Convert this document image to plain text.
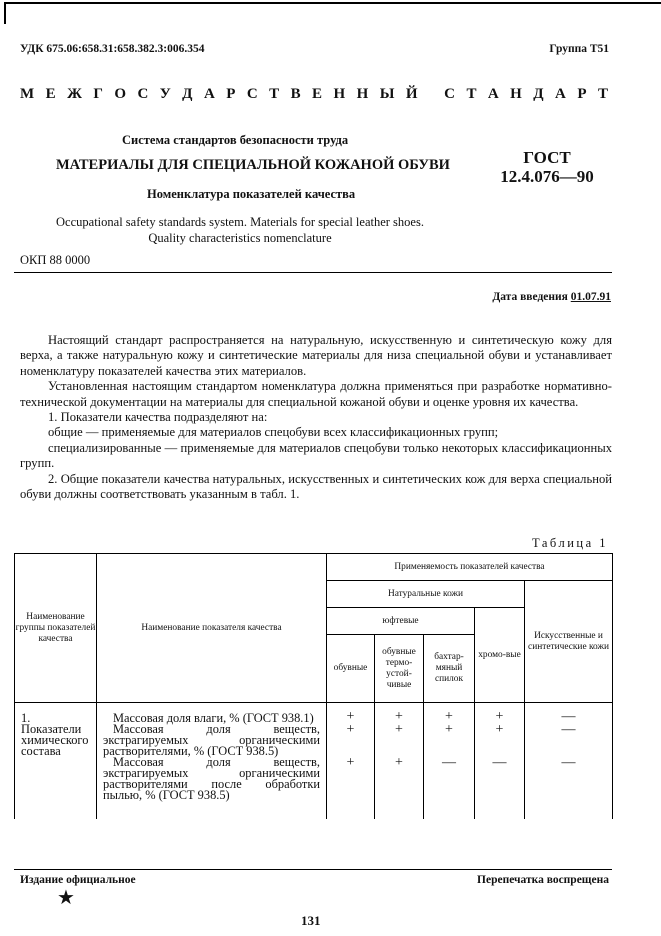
УДК 675.06:658.31:658.382.3:006.354	Группа Т51
М Е Ж Г О С У Д А Р С Т В Е Н Н Ы Й
С Т А Н Д А Р Т
Система стандартов безопасности труда
МАТЕРИАЛЫ ДЛЯ СПЕЦИАЛЬНОЙ КОЖАНОЙ ОБУВИ	ГОСТ
12.4.076—90
Номенклатура показателей качества
Occupational safety standards system. Materials for special leather shoes.
Quality characteristics nomenclature
ОКП 88 0000
Дата введения 01.07.91

Настоящий стандарт распространяется на натуральную, искусственную и синтетическую кожу для верха, а также натуральную кожу и синтетические материалы для низа специальной обуви и устанавливает номенклатуру показателей качества этих материалов.

Установленная настоящим стандартом номенклатура должна применяться при разработке нормативно-технической документации на материалы для специальной кожаной обуви и оценке уровня их качества.

1. Показатели качества подразделяют на:

общие — применяемые для материалов спецобуви всех классификационных групп;

специализированные — применяемые для материалов спецобуви только некоторых классификационных групп.

2. Общие показатели качества натуральных, искусственных и синтетических кож для верха специальной обуви должны соответствовать указанным в табл. 1.

Таблица 1
Наименование группы показателей качества	Наименование показателя качества	Применяемость показателей качества				
		Натуральные кожи				Искусственные и синтетические кожи
		юфтевые			хромо-вые	
		обувные	обувные термо-устой-чивые	бахтар-мяный спилок		

1. Показатели химического состава	Массовая доля влаги, % (ГОСТ 938.1)	+	+	+	+	—
	Массовая доля веществ, экстрагируемых органическими растворителями, % (ГОСТ 938.5)	+	+	+	+	—
	Массовая доля веществ, экстрагируемых органическими растворителями после обработки пылью, % (ГОСТ 938.5)	+	+	—	—	—
Издание официальное	Перепечатка воспрещена
★
131
